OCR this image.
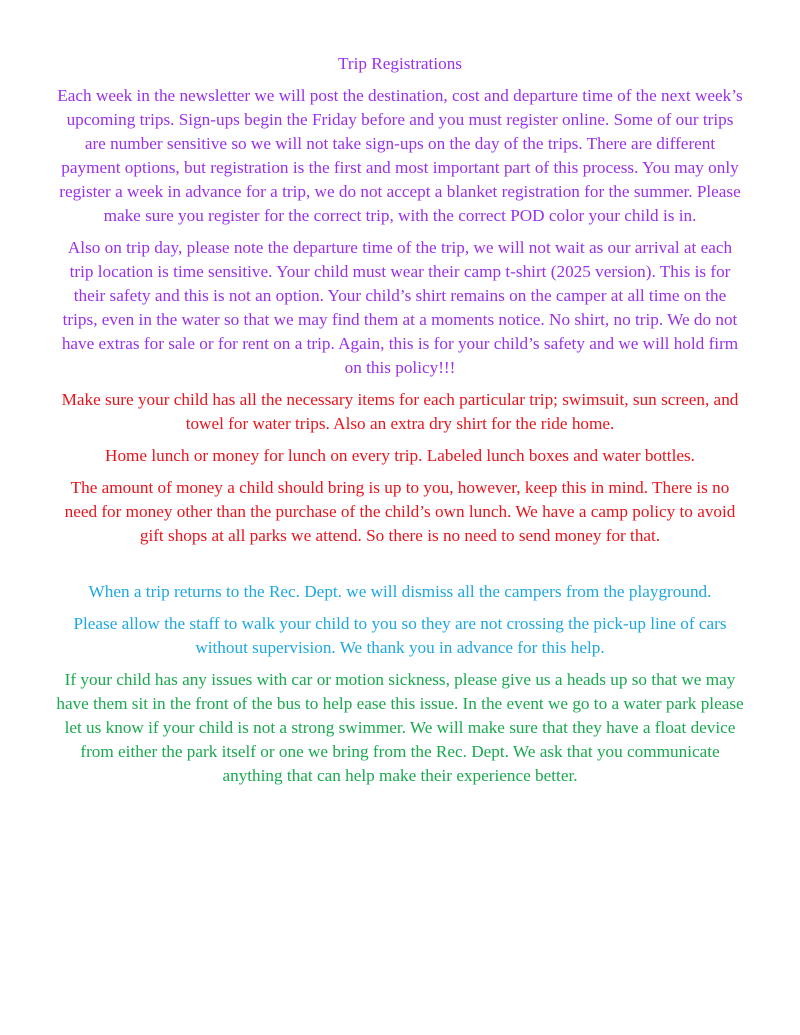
Trip Registrations

Each week in the newsletter we will post the destination, cost and departure time of the next week’s upcoming trips. Sign-ups begin the Friday before and you must register online. Some of our trips are number sensitive so we will not take sign-ups on the day of the trips. There are different payment options, but registration is the first and most important part of this process. You may only register a week in advance for a trip, we do not accept a blanket registration for the summer. Please make sure you register for the correct trip, with the correct POD color your child is in.

Also on trip day, please note the departure time of the trip, we will not wait as our arrival at each trip location is time sensitive. Your child must wear their camp t-shirt (2025 version). This is for their safety and this is not an option. Your child’s shirt remains on the camper at all time on the trips, even in the water so that we may find them at a moments notice. No shirt, no trip. We do not have extras for sale or for rent on a trip. Again, this is for your child’s safety and we will hold firm on this policy!!!

Make sure your child has all the necessary items for each particular trip; swimsuit, sun screen, and towel for water trips. Also an extra dry shirt for the ride home.

Home lunch or money for lunch on every trip. Labeled lunch boxes and water bottles.

The amount of money a child should bring is up to you, however, keep this in mind. There is no need for money other than the purchase of the child’s own lunch. We have a camp policy to avoid gift shops at all parks we attend. So there is no need to send money for that.

When a trip returns to the Rec. Dept. we will dismiss all the campers from the playground.

Please allow the staff to walk your child to you so they are not crossing the pick-up line of cars without supervision. We thank you in advance for this help.

If your child has any issues with car or motion sickness, please give us a heads up so that we may have them sit in the front of the bus to help ease this issue. In the event we go to a water park please let us know if your child is not a strong swimmer. We will make sure that they have a float device from either the park itself or one we bring from the Rec. Dept. We ask that you communicate anything that can help make their experience better.
